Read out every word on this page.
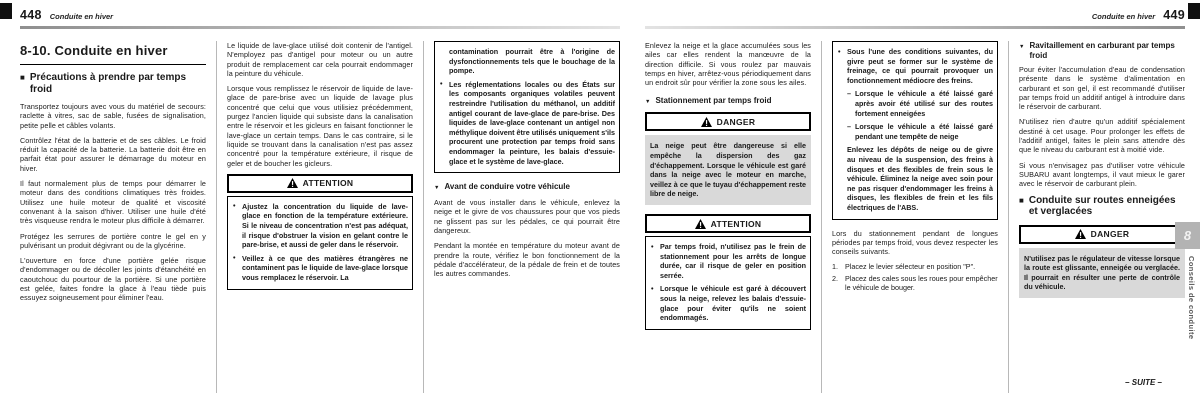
448 Conduite en hiver
8-10. Conduite en hiver
■
Précautions à prendre par temps froid

Transportez toujours avec vous du matériel de secours: raclette à vitres, sac de sable, fusées de signalisation, petite pelle et câbles volants.

Contrôlez l'état de la batterie et de ses câbles. Le froid réduit la capacité de la batterie. La batterie doit être en parfait état pour assurer le démarrage du moteur en hiver.

Il faut normalement plus de temps pour démarrer le moteur dans des conditions climatiques très froides. Utilisez une huile moteur de qualité et viscosité convenant à la saison d'hiver. Utiliser une huile d'été très visqueuse rendra le moteur plus difficile à démarrer.

Protégez les serrures de portière contre le gel en y pulvérisant un produit dégivrant ou de la glycérine.

L'ouverture en force d'une portière gelée risque d'endommager ou de décoller les joints d'étanchéité en caoutchouc du pourtour de la portière. Si une portière est gelée, faites fondre la glace à l'eau tiède puis essuyez soigneusement pour éliminer l'eau.

Le liquide de lave-glace utilisé doit contenir de l'antigel. N'employez pas d'antigel pour moteur ou un autre produit de remplacement car cela pourrait endommager la peinture du véhicule.

Lorsque vous remplissez le réservoir de liquide de lave-glace de pare-brise avec un liquide de lavage plus concentré que celui que vous utilisiez précédemment, purgez l'ancien liquide qui subsiste dans la canalisation entre le réservoir et les gicleurs en faisant fonctionner le lave-glace un certain temps. Dans le cas contraire, si le liquide se trouvant dans la canalisation n'est pas assez concentré pour la température extérieure, il risque de geler et de boucher les gicleurs.

ATTENTION
• Ajustez la concentration du liquide de lave-glace en fonction de la température extérieure. Si le niveau de concentration n'est pas adéquat, il risque d'obstruer la vision en gelant contre le pare-brise, et aussi de geler dans le réservoir.
• Veillez à ce que des matières étrangères ne contaminent pas le liquide de lave-glace lorsque vous remplacez le réservoir. La
contamination pourrait être à l'origine de dysfonctionnements tels que le bouchage de la pompe.
• Les réglementations locales ou des États sur les composants organiques volatiles peuvent restreindre l'utilisation du méthanol, un additif antigel courant de lave-glace de pare-brise. Des liquides de lave-glace contenant un antigel non méthylique doivent être utilisés uniquement s'ils procurent une protection par temps froid sans endommager la peinture, les balais d'essuie-glace et le système de lave-glace.
▼ Avant de conduire votre véhicule

Avant de vous installer dans le véhicule, enlevez la neige et le givre de vos chaussures pour que vos pieds ne glissent pas sur les pédales, ce qui pourrait être dangereux.

Pendant la montée en température du moteur avant de prendre la route, vérifiez le bon fonctionnement de la pédale d'accélérateur, de la pédale de frein et de toutes les autres commandes.

Conduite en hiver 449

Enlevez la neige et la glace accumulées sous les ailes car elles rendent la manœuvre de la direction difficile. Si vous roulez par mauvais temps en hiver, arrêtez-vous périodiquement dans un endroit sûr pour vérifier la zone sous les ailes.

▼ Stationnement par temps froid
DANGER
La neige peut être dangereuse si elle empêche la dispersion des gaz d'échappement. Lorsque le véhicule est garé dans la neige avec le moteur en marche, veillez à ce que le tuyau d'échappement reste libre de neige.
ATTENTION
• Par temps froid, n'utilisez pas le frein de stationnement pour les arrêts de longue durée, car il risque de geler en position serrée.
• Lorsque le véhicule est garé à découvert sous la neige, relevez les balais d'essuie-glace pour éviter qu'ils ne soient endommagés.
• Sous l'une des conditions suivantes, du givre peut se former sur le système de freinage, ce qui pourrait provoquer un fonctionnement médiocre des freins.
– Lorsque le véhicule a été laissé garé après avoir été utilisé sur des routes fortement enneigées
– Lorsque le véhicule a été laissé garé pendant une tempête de neige
Enlevez les dépôts de neige ou de givre au niveau de la suspension, des freins à disques et des flexibles de frein sous le véhicule. Éliminez la neige avec soin pour ne pas risquer d'endommager les freins à disques, les flexibles de frein et les fils électriques de l'ABS.

Lors du stationnement pendant de longues périodes par temps froid, vous devez respecter les conseils suivants.

1. Placez le levier sélecteur en position "P".
2. Placez des cales sous les roues pour empêcher le véhicule de bouger.
▼ Ravitaillement en carburant par temps froid

Pour éviter l'accumulation d'eau de condensation présente dans le système d'alimentation en carburant et son gel, il est recommandé d'utiliser par temps froid un additif antigel à introduire dans le réservoir de carburant.

N'utilisez rien d'autre qu'un additif spécialement destiné à cet usage. Pour prolonger les effets de l'additif antigel, faites le plein sans attendre dès que le niveau du carburant est à moitié vide.

Si vous n'envisagez pas d'utiliser votre véhicule SUBARU avant longtemps, il vaut mieux le garer avec le réservoir de carburant plein.

■
Conduite sur routes enneigées et verglacées
DANGER
N'utilisez pas le régulateur de vitesse lorsque la route est glissante, enneigée ou verglacée. Il pourrait en résulter une perte de contrôle du véhicule.
8
Conseils de conduite
– SUITE –
